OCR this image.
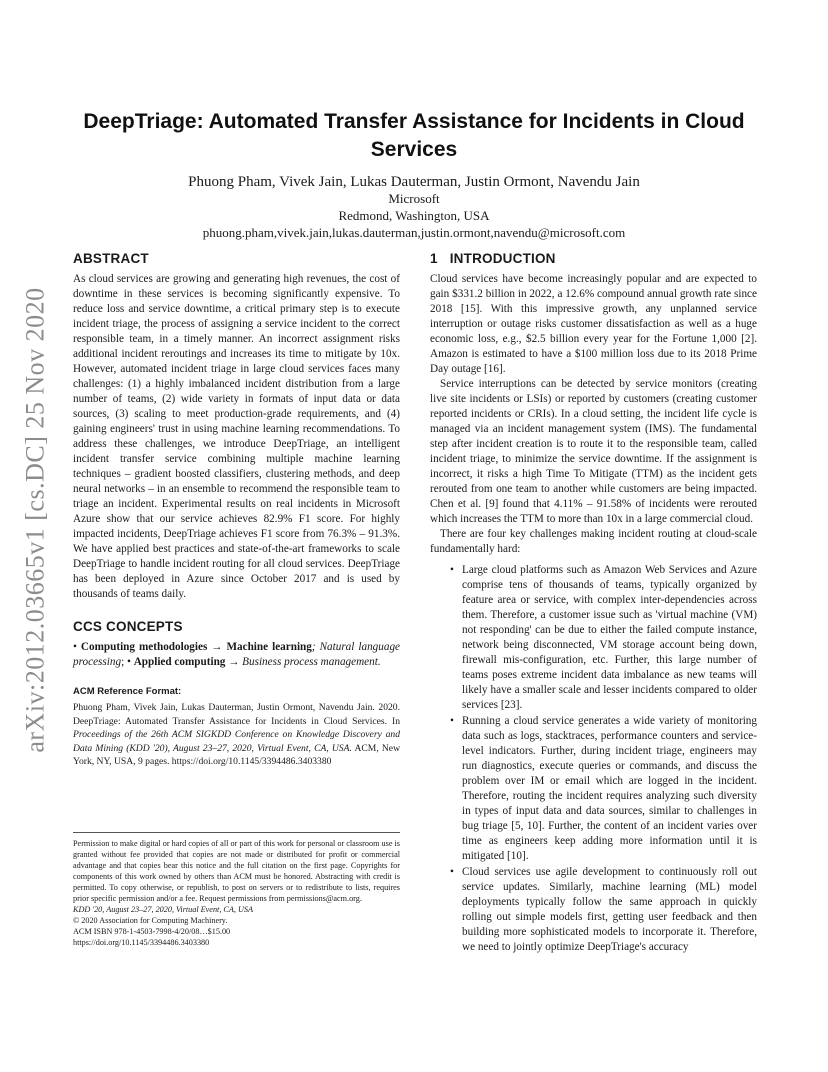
arXiv:2012.03665v1 [cs.DC] 25 Nov 2020
DeepTriage: Automated Transfer Assistance for Incidents in Cloud Services
Phuong Pham, Vivek Jain, Lukas Dauterman, Justin Ormont, Navendu Jain
Microsoft
Redmond, Washington, USA
phuong.pham,vivek.jain,lukas.dauterman,justin.ormont,navendu@microsoft.com
ABSTRACT

As cloud services are growing and generating high revenues, the cost of downtime in these services is becoming significantly expensive. To reduce loss and service downtime, a critical primary step is to execute incident triage, the process of assigning a service incident to the correct responsible team, in a timely manner. An incorrect assignment risks additional incident reroutings and increases its time to mitigate by 10x. However, automated incident triage in large cloud services faces many challenges: (1) a highly imbalanced incident distribution from a large number of teams, (2) wide variety in formats of input data or data sources, (3) scaling to meet production-grade requirements, and (4) gaining engineers' trust in using machine learning recommendations. To address these challenges, we introduce DeepTriage, an intelligent incident transfer service combining multiple machine learning techniques – gradient boosted classifiers, clustering methods, and deep neural networks – in an ensemble to recommend the responsible team to triage an incident. Experimental results on real incidents in Microsoft Azure show that our service achieves 82.9% F1 score. For highly impacted incidents, DeepTriage achieves F1 score from 76.3% – 91.3%. We have applied best practices and state-of-the-art frameworks to scale DeepTriage to handle incident routing for all cloud services. DeepTriage has been deployed in Azure since October 2017 and is used by thousands of teams daily.

CCS CONCEPTS
• Computing methodologies → Machine learning; Natural language processing; • Applied computing → Business process management.
ACM Reference Format:
Phuong Pham, Vivek Jain, Lukas Dauterman, Justin Ormont, Navendu Jain. 2020. DeepTriage: Automated Transfer Assistance for Incidents in Cloud Services. In Proceedings of the 26th ACM SIGKDD Conference on Knowledge Discovery and Data Mining (KDD '20), August 23–27, 2020, Virtual Event, CA, USA. ACM, New York, NY, USA, 9 pages. https://doi.org/10.1145/3394486.3403380
Permission to make digital or hard copies of all or part of this work for personal or classroom use is granted without fee provided that copies are not made or distributed for profit or commercial advantage and that copies bear this notice and the full citation on the first page. Copyrights for components of this work owned by others than ACM must be honored. Abstracting with credit is permitted. To copy otherwise, or republish, to post on servers or to redistribute to lists, requires prior specific permission and/or a fee. Request permissions from permissions@acm.org.
KDD '20, August 23–27, 2020, Virtual Event, CA, USA
© 2020 Association for Computing Machinery.
ACM ISBN 978-1-4503-7998-4/20/08…$15.00
https://doi.org/10.1145/3394486.3403380
1 INTRODUCTION

Cloud services have become increasingly popular and are expected to gain $331.2 billion in 2022, a 12.6% compound annual growth rate since 2018 [15]. With this impressive growth, any unplanned service interruption or outage risks customer dissatisfaction as well as a huge economic loss, e.g., $2.5 billion every year for the Fortune 1,000 [2]. Amazon is estimated to have a $100 million loss due to its 2018 Prime Day outage [16].

Service interruptions can be detected by service monitors (creating live site incidents or LSIs) or reported by customers (creating customer reported incidents or CRIs). In a cloud setting, the incident life cycle is managed via an incident management system (IMS). The fundamental step after incident creation is to route it to the responsible team, called incident triage, to minimize the service downtime. If the assignment is incorrect, it risks a high Time To Mitigate (TTM) as the incident gets rerouted from one team to another while customers are being impacted. Chen et al. [9] found that 4.11% – 91.58% of incidents were rerouted which increases the TTM to more than 10x in a large commercial cloud.

There are four key challenges making incident routing at cloud-scale fundamentally hard:

• Large cloud platforms such as Amazon Web Services and Azure comprise tens of thousands of teams, typically organized by feature area or service, with complex inter-dependencies across them. Therefore, a customer issue such as 'virtual machine (VM) not responding' can be due to either the failed compute instance, network being disconnected, VM storage account being down, firewall mis-configuration, etc. Further, this large number of teams poses extreme incident data imbalance as new teams will likely have a smaller scale and lesser incidents compared to older services [23].
• Running a cloud service generates a wide variety of monitoring data such as logs, stacktraces, performance counters and service-level indicators. Further, during incident triage, engineers may run diagnostics, execute queries or commands, and discuss the problem over IM or email which are logged in the incident. Therefore, routing the incident requires analyzing such diversity in types of input data and data sources, similar to challenges in bug triage [5, 10]. Further, the content of an incident varies over time as engineers keep adding more information until it is mitigated [10].
• Cloud services use agile development to continuously roll out service updates. Similarly, machine learning (ML) model deployments typically follow the same approach in quickly rolling out simple models first, getting user feedback and then building more sophisticated models to incorporate it. Therefore, we need to jointly optimize DeepTriage's accuracy
